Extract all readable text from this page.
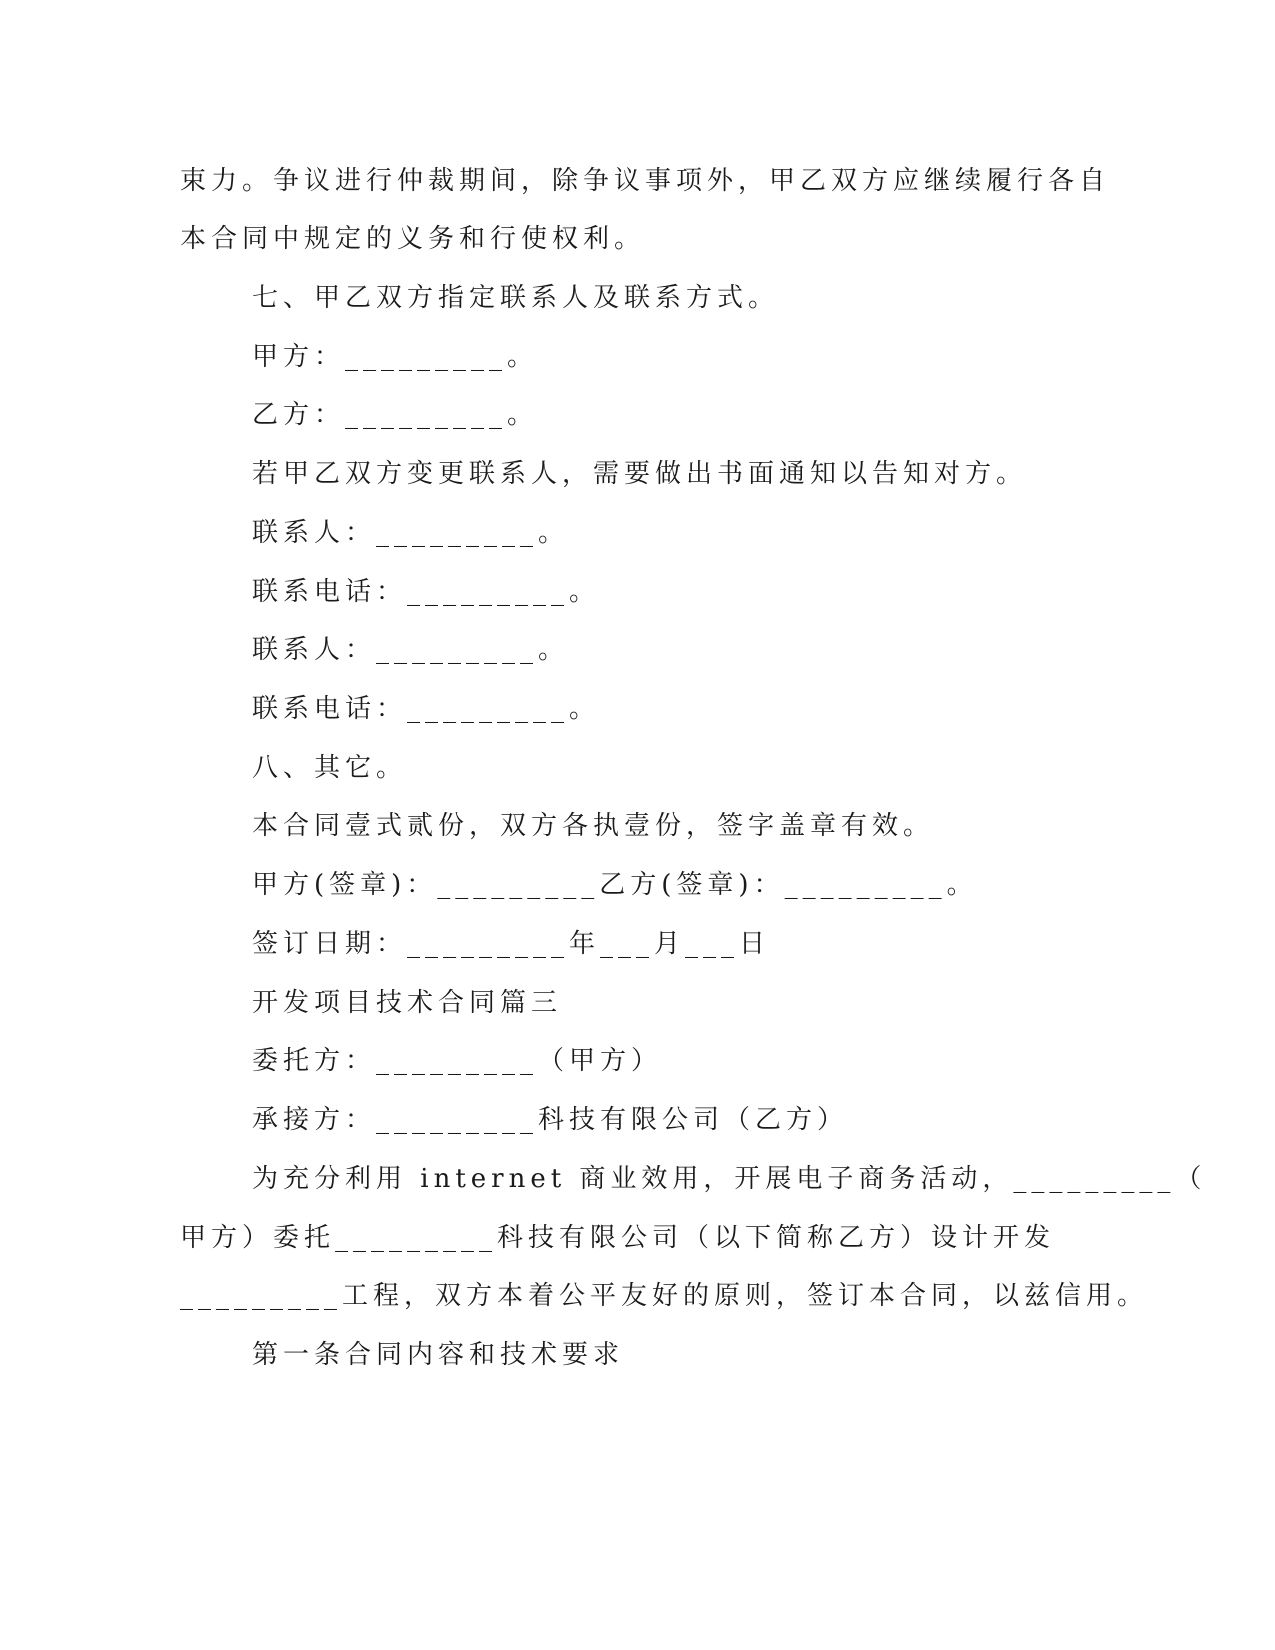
束力。争议进行仲裁期间，除争议事项外，甲乙双方应继续履行各自
本合同中规定的义务和行使权利。
七、甲乙双方指定联系人及联系方式。
甲方：_________。
乙方：_________。
若甲乙双方变更联系人，需要做出书面通知以告知对方。
联系人：_________。
联系电话：_________。
联系人：_________。
联系电话：_________。
八、其它。
本合同壹式贰份，双方各执壹份，签字盖章有效。
甲方(签章)：_________乙方(签章)：_________。
签订日期：_________年___月___日
开发项目技术合同篇三
委托方：_________（甲方）
承接方：_________科技有限公司（乙方）
为充分利用 internet 商业效用，开展电子商务活动，_________（
甲方）委托_________科技有限公司（以下简称乙方）设计开发
_________工程，双方本着公平友好的原则，签订本合同，以兹信用。
第一条合同内容和技术要求
